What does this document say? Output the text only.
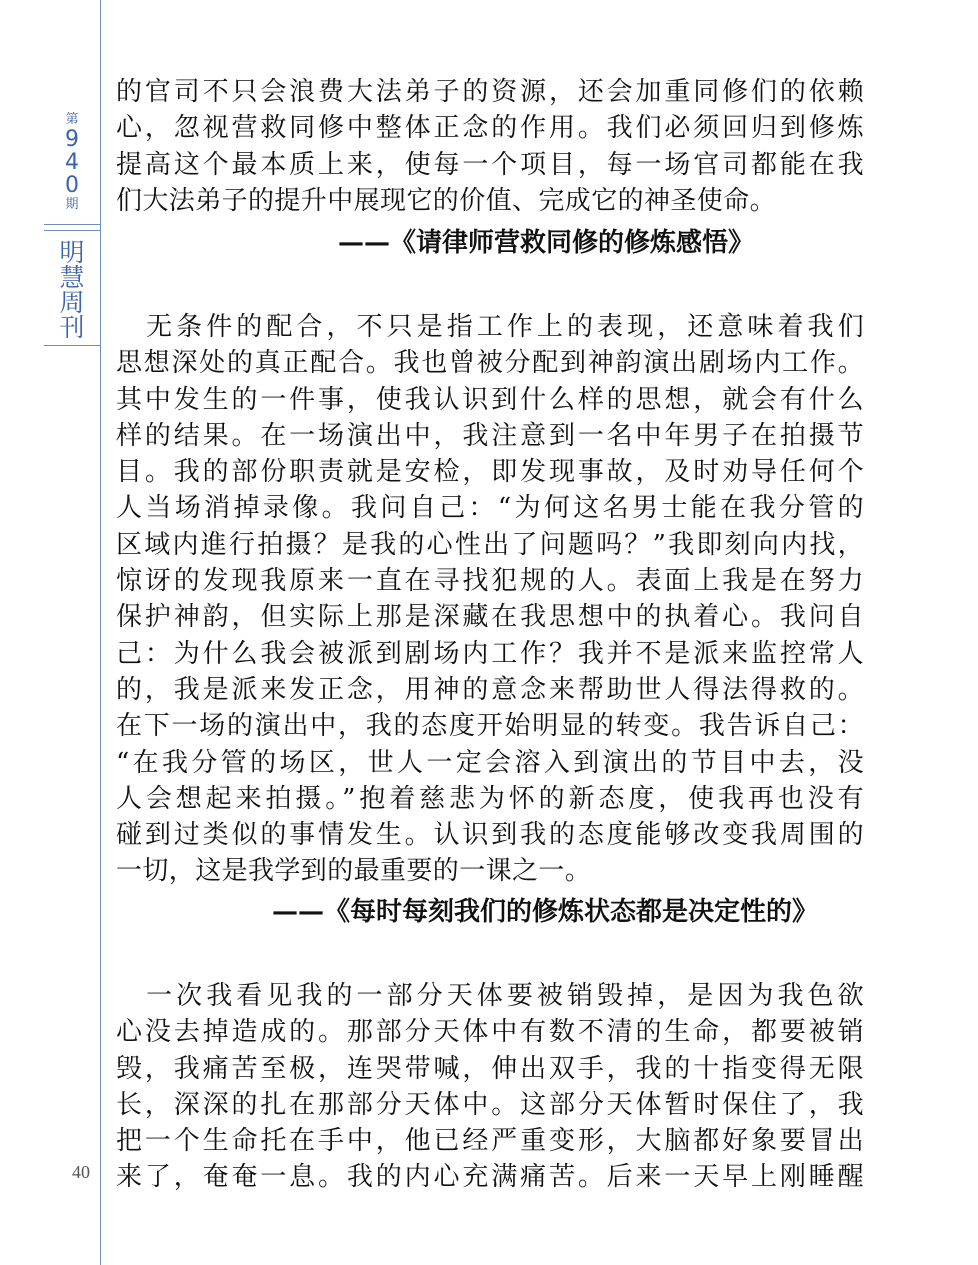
第
9
4
0
期
明
慧
周
刊
40
的官司不只会浪费大法弟子的资源，还会加重同修们的依赖
心，忽视营救同修中整体正念的作用。我们必须回归到修炼
提高这个最本质上来，使每一个项目，每一场官司都能在我
们大法弟子的提升中展现它的价值、完成它的神圣使命。
——《请律师营救同修的修炼感悟》
　无条件的配合，不只是指工作上的表现，还意味着我们
思想深处的真正配合。我也曾被分配到神韵演出剧场内工作。
其中发生的一件事，使我认识到什么样的思想，就会有什么
样的结果。在一场演出中，我注意到一名中年男子在拍摄节
目。我的部份职责就是安检，即发现事故，及时劝导任何个
人当场消掉录像。我问自己：“为何这名男士能在我分管的
区域内進行拍摄？是我的心性出了问题吗？”我即刻向内找，
惊讶的发现我原来一直在寻找犯规的人。表面上我是在努力
保护神韵，但实际上那是深藏在我思想中的执着心。我问自
己：为什么我会被派到剧场内工作？我并不是派来监控常人
的，我是派来发正念，用神的意念来帮助世人得法得救的。
在下一场的演出中，我的态度开始明显的转变。我告诉自己：
“在我分管的场区，世人一定会溶入到演出的节目中去，没
人会想起来拍摄。”抱着慈悲为怀的新态度，使我再也没有
碰到过类似的事情发生。认识到我的态度能够改变我周围的
一切，这是我学到的最重要的一课之一。
——《每时每刻我们的修炼状态都是决定性的》
　一次我看见我的一部分天体要被销毁掉，是因为我色欲
心没去掉造成的。那部分天体中有数不清的生命，都要被销
毁，我痛苦至极，连哭带喊，伸出双手，我的十指变得无限
长，深深的扎在那部分天体中。这部分天体暂时保住了，我
把一个生命托在手中，他已经严重变形，大脑都好象要冒出
来了，奄奄一息。我的内心充满痛苦。后来一天早上刚睡醒
